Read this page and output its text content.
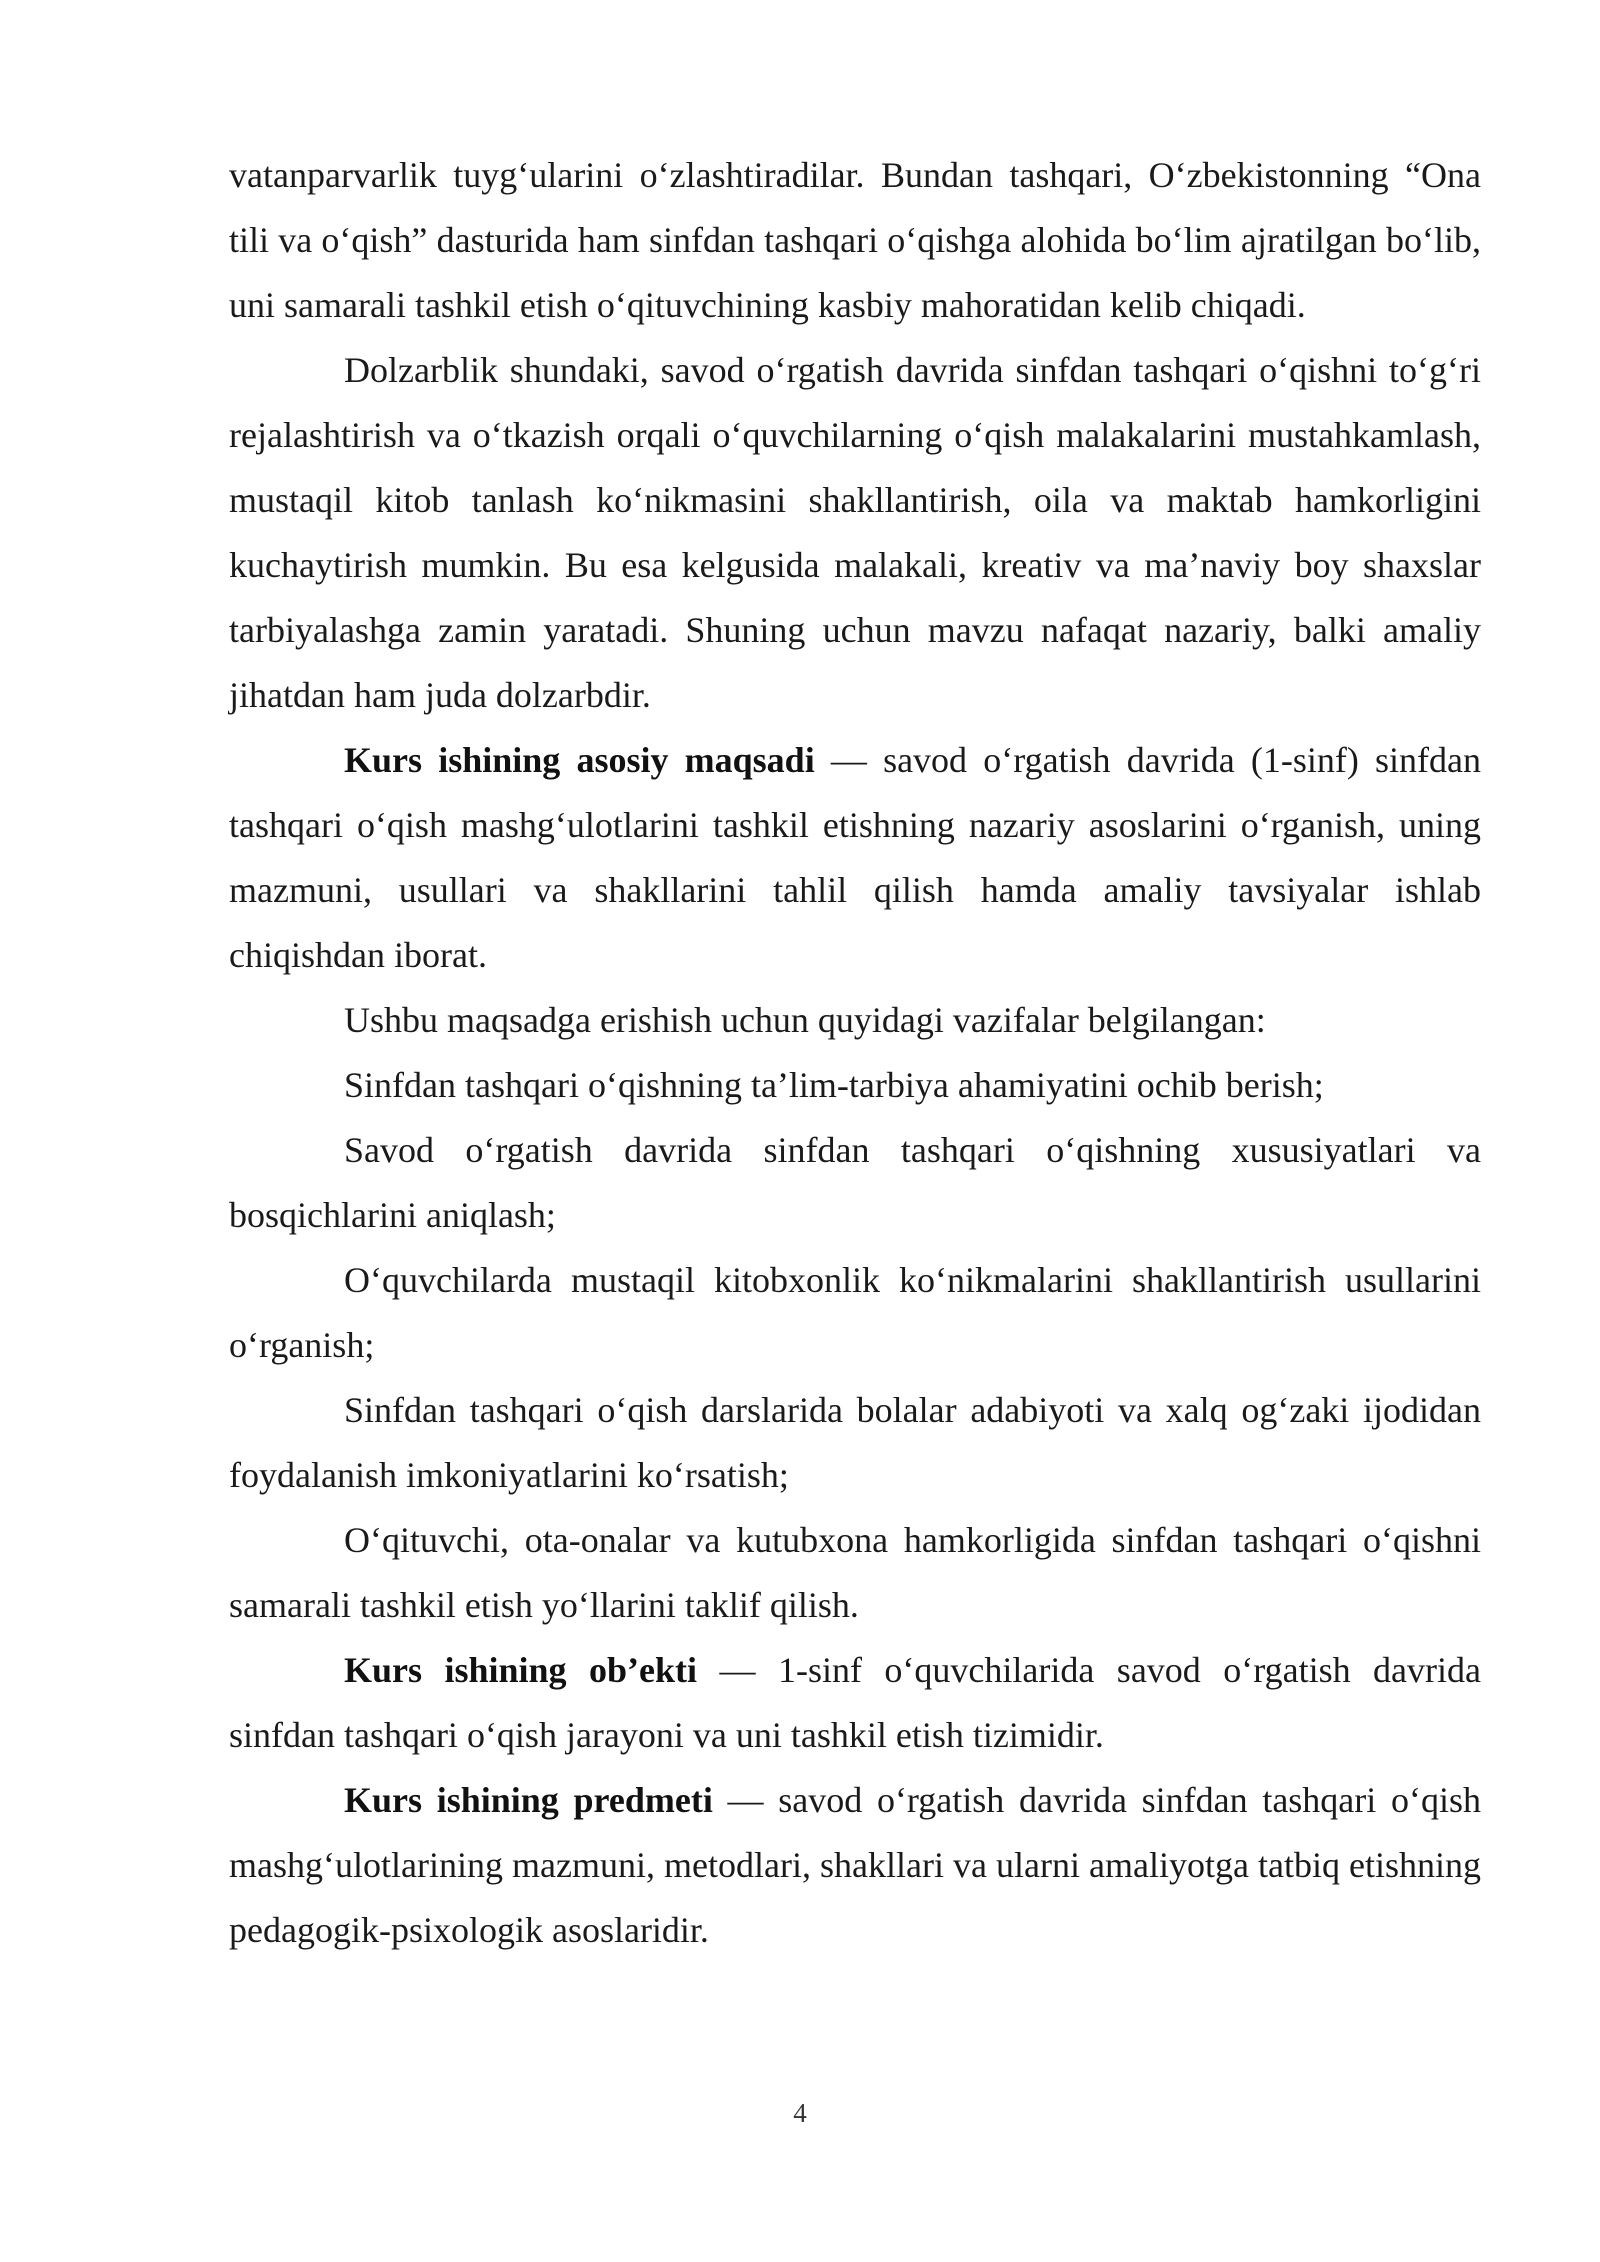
vatanparvarlik tuyg‘ularini o‘zlashtiradilar. Bundan tashqari, O‘zbekistonning “Ona tili va o‘qish” dasturida ham sinfdan tashqari o‘qishga alohida bo‘lim ajratilgan bo‘lib, uni samarali tashkil etish o‘qituvchining kasbiy mahoratidan kelib chiqadi.

Dolzarblik shundaki, savod o‘rgatish davrida sinfdan tashqari o‘qishni to‘g‘ri rejalashtirish va o‘tkazish orqali o‘quvchilarning o‘qish malakalarini mustahkamlash, mustaqil kitob tanlash ko‘nikmasini shakllantirish, oila va maktab hamkorligini kuchaytirish mumkin. Bu esa kelgusida malakali, kreativ va ma’naviy boy shaxslar tarbiyalashga zamin yaratadi. Shuning uchun mavzu nafaqat nazariy, balki amaliy jihatdan ham juda dolzarbdir.

Kurs ishining asosiy maqsadi — savod o‘rgatish davrida (1-sinf) sinfdan tashqari o‘qish mashg‘ulotlarini tashkil etishning nazariy asoslarini o‘rganish, uning mazmuni, usullari va shakllarini tahlil qilish hamda amaliy tavsiyalar ishlab chiqishdan iborat.

Ushbu maqsadga erishish uchun quyidagi vazifalar belgilangan:

Sinfdan tashqari o‘qishning ta’lim-tarbiya ahamiyatini ochib berish;

Savod o‘rgatish davrida sinfdan tashqari o‘qishning xususiyatlari va bosqichlarini aniqlash;

O‘quvchilarda mustaqil kitobxonlik ko‘nikmalarini shakllantirish usullarini o‘rganish;

Sinfdan tashqari o‘qish darslarida bolalar adabiyoti va xalq og‘zaki ijodidan foydalanish imkoniyatlarini ko‘rsatish;

O‘qituvchi, ota-onalar va kutubxona hamkorligida sinfdan tashqari o‘qishni samarali tashkil etish yo‘llarini taklif qilish.

Kurs ishining ob’ekti — 1-sinf o‘quvchilarida savod o‘rgatish davrida sinfdan tashqari o‘qish jarayoni va uni tashkil etish tizimidir.

Kurs ishining predmeti — savod o‘rgatish davrida sinfdan tashqari o‘qish mashg‘ulotlarining mazmuni, metodlari, shakllari va ularni amaliyotga tatbiq etishning pedagogik-psixologik asoslaridir.

4
